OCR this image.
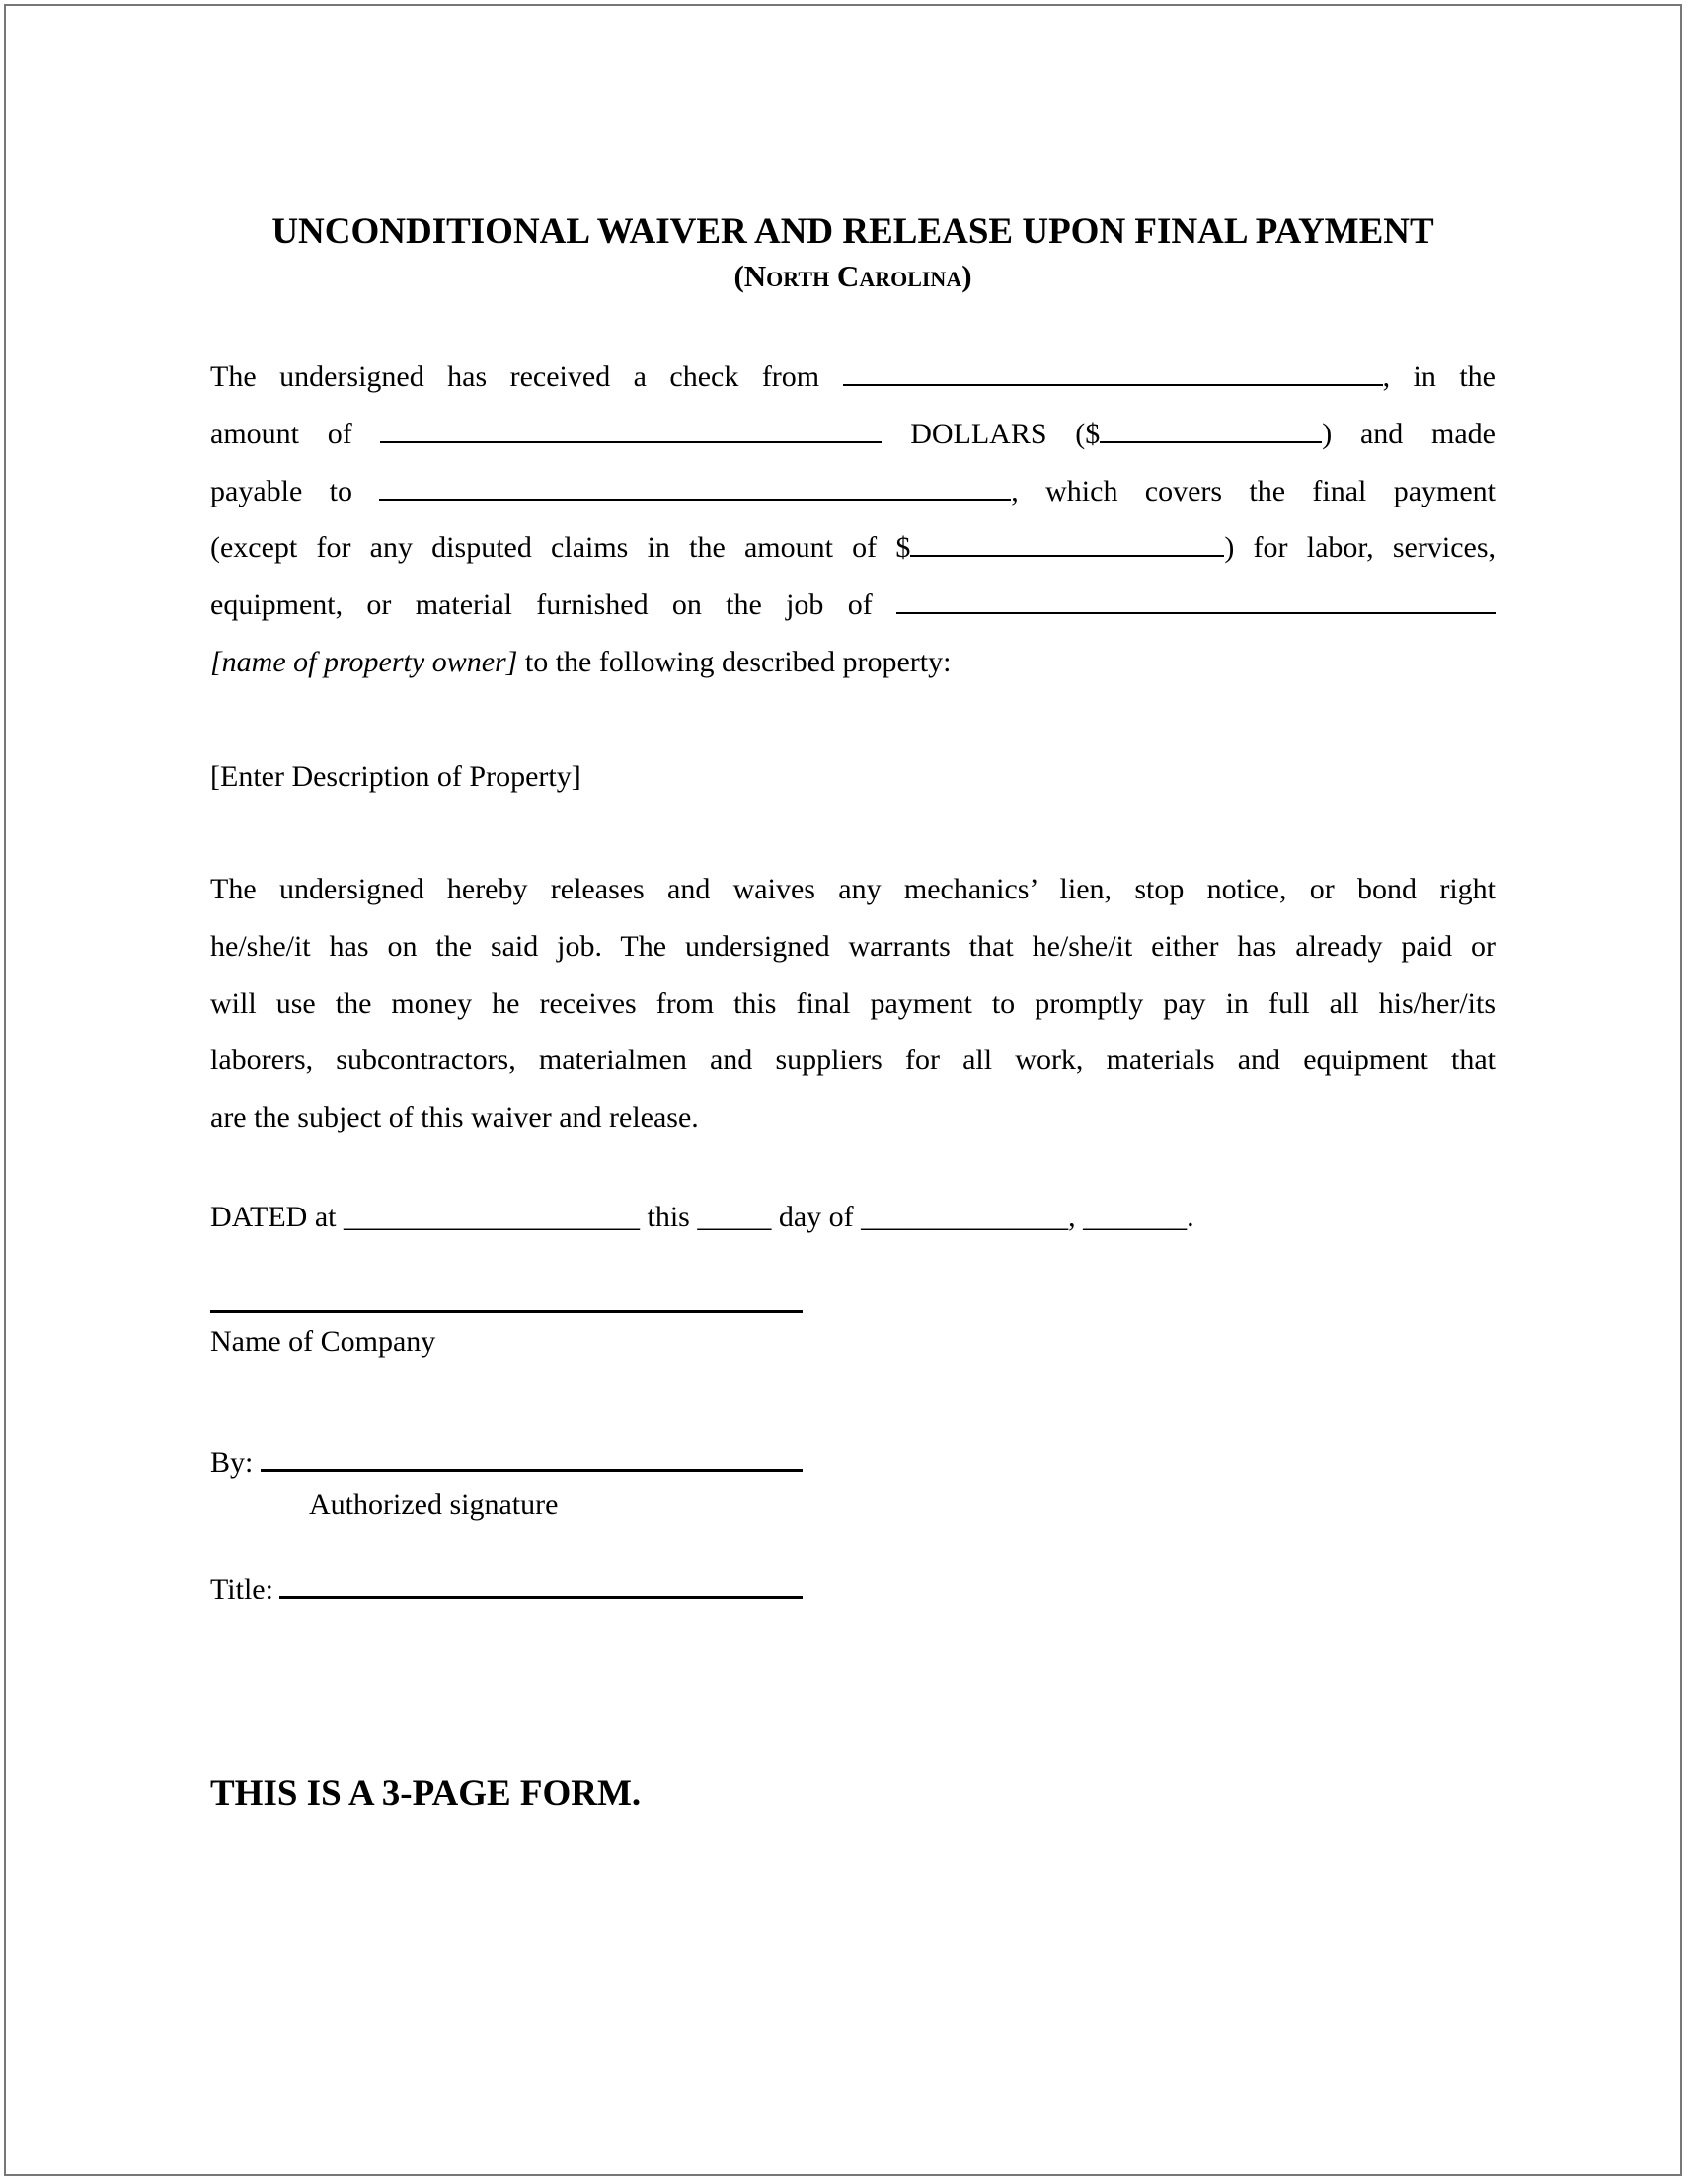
UNCONDITIONAL WAIVER AND RELEASE UPON FINAL PAYMENT
(North Carolina)
The undersigned has received a check from	, in the
amount of	DOLLARS ($	) and made
payable to	, which covers the final payment
(except for any disputed claims in the amount of $	) for labor, services,
equipment, or material furnished on the job of
[name of property owner] to the following described property:
[Enter Description of Property]
The undersigned hereby releases and waives any mechanics’ lien, stop notice, or bond right
he/she/it has on the said job. The undersigned warrants that he/she/it either has already paid or
will use the money he receives from this final payment to promptly pay in full all his/her/its
laborers, subcontractors, materialmen and suppliers for all work, materials and equipment that
are the subject of this waiver and release.
DATED at ____________________ this _____ day of ______________, _______.
Name of Company
By:
Authorized signature
Title:
THIS IS A 3-PAGE FORM.
